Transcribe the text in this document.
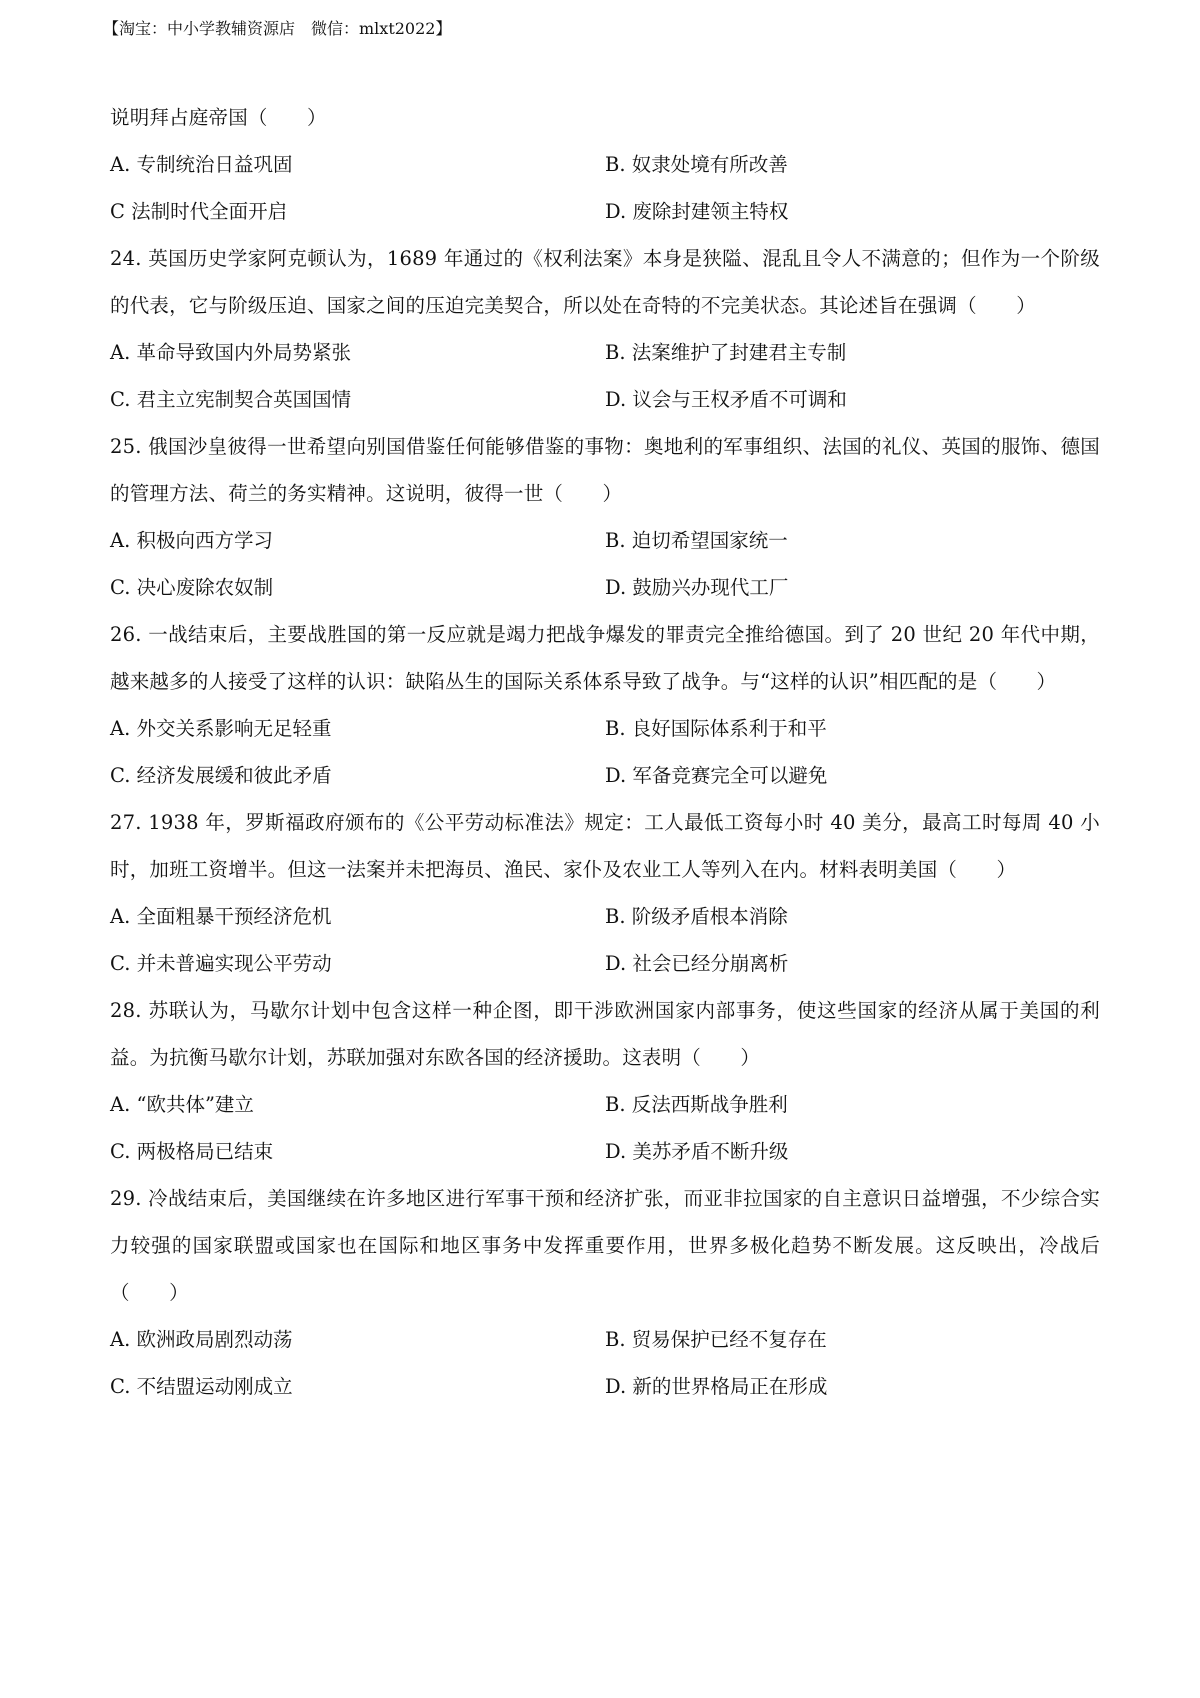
【淘宝：中小学教辅资源店　微信：mlxt2022】

说明拜占庭帝国（　　）

A. 专制统治日益巩固	B. 奴隶处境有所改善
C 法制时代全面开启	D. 废除封建领主特权

24. 英国历史学家阿克顿认为，1689 年通过的《权利法案》本身是狭隘、混乱且令人不满意的；但作为一个阶级的代表，它与阶级压迫、国家之间的压迫完美契合，所以处在奇特的不完美状态。其论述旨在强调（　　）

A. 革命导致国内外局势紧张	B. 法案维护了封建君主专制
C. 君主立宪制契合英国国情	D. 议会与王权矛盾不可调和

25. 俄国沙皇彼得一世希望向别国借鉴任何能够借鉴的事物：奥地利的军事组织、法国的礼仪、英国的服饰、德国的管理方法、荷兰的务实精神。这说明，彼得一世（　　）

A. 积极向西方学习	B. 迫切希望国家统一
C. 决心废除农奴制	D. 鼓励兴办现代工厂

26. 一战结束后，主要战胜国的第一反应就是竭力把战争爆发的罪责完全推给德国。到了 20 世纪 20 年代中期，越来越多的人接受了这样的认识：缺陷丛生的国际关系体系导致了战争。与“这样的认识”相匹配的是（　　）

A. 外交关系影响无足轻重	B. 良好国际体系利于和平
C. 经济发展缓和彼此矛盾	D. 军备竞赛完全可以避免

27. 1938 年，罗斯福政府颁布的《公平劳动标准法》规定：工人最低工资每小时 40 美分，最高工时每周 40 小时，加班工资增半。但这一法案并未把海员、渔民、家仆及农业工人等列入在内。材料表明美国（　　）

A. 全面粗暴干预经济危机	B. 阶级矛盾根本消除
C. 并未普遍实现公平劳动	D. 社会已经分崩离析

28. 苏联认为，马歇尔计划中包含这样一种企图，即干涉欧洲国家内部事务，使这些国家的经济从属于美国的利益。为抗衡马歇尔计划，苏联加强对东欧各国的经济援助。这表明（　　）

A. “欧共体”建立	B. 反法西斯战争胜利
C. 两极格局已结束	D. 美苏矛盾不断升级

29. 冷战结束后，美国继续在许多地区进行军事干预和经济扩张，而亚非拉国家的自主意识日益增强，不少综合实力较强的国家联盟或国家也在国际和地区事务中发挥重要作用，世界多极化趋势不断发展。这反映出，冷战后（　　）

A. 欧洲政局剧烈动荡	B. 贸易保护已经不复存在
C. 不结盟运动刚成立	D. 新的世界格局正在形成
